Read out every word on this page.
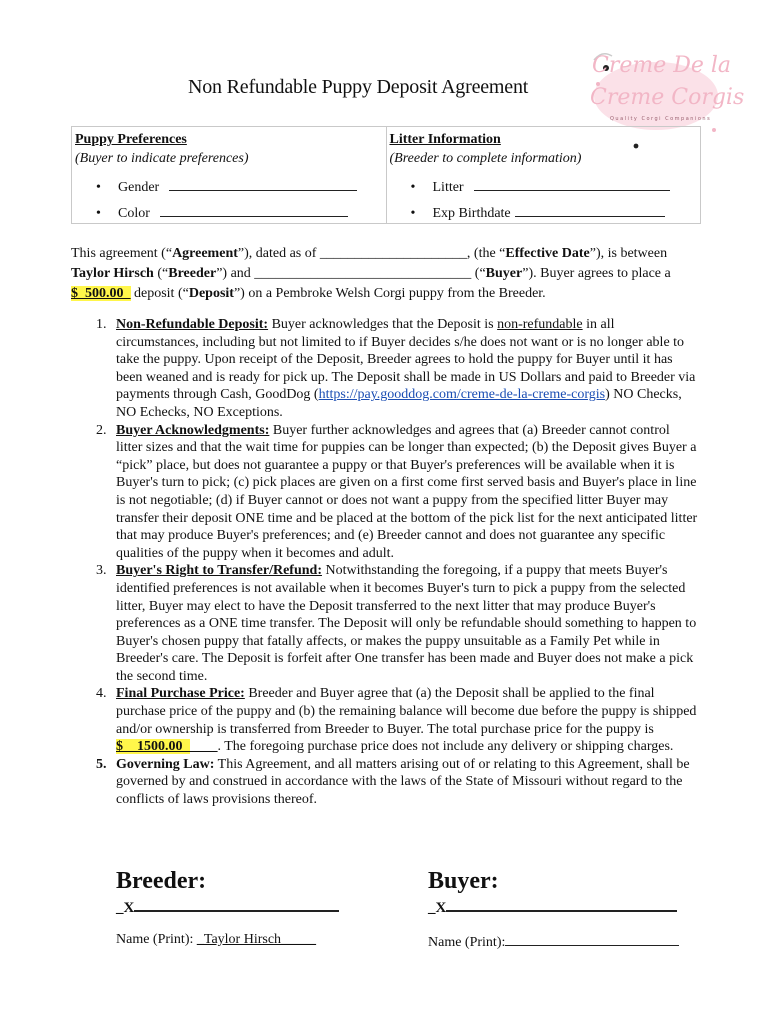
Creme De la
Creme Corgis
Quality Corgi Companions
Non Refundable Puppy Deposit Agreement
Puppy Preferences
(Buyer to indicate preferences)
•	Gender
•	Color
Litter Information
(Breeder to complete information)
•	Litter
•	Exp Birthdate
This agreement (“Agreement”), dated as of _____________________, (the “Effective Date”), is between Taylor Hirsch (“Breeder”) and _______________________________ (“Buyer”). Buyer agrees to place a $_500.00_ deposit (“Deposit”) on a Pembroke Welsh Corgi puppy from the Breeder.
1. Non-Refundable Deposit: Buyer acknowledges that the Deposit is non-refundable in all circumstances, including but not limited to if Buyer decides s/he does not want or is no longer able to take the puppy. Upon receipt of the Deposit, Breeder agrees to hold the puppy for Buyer until it has been weaned and is ready for pick up. The Deposit shall be made in US Dollars and paid to Breeder via payments through Cash, GoodDog (https://pay.gooddog.com/creme-de-la-creme-corgis) NO Checks, NO Echecks, NO Exceptions.
2. Buyer Acknowledgments: Buyer further acknowledges and agrees that (a) Breeder cannot control litter sizes and that the wait time for puppies can be longer than expected; (b) the Deposit gives Buyer a “pick” place, but does not guarantee a puppy or that Buyer's preferences will be available when it is Buyer's turn to pick; (c) pick places are given on a first come first served basis and Buyer's place in line is not negotiable; (d) if Buyer cannot or does not want a puppy from the specified litter Buyer may transfer their deposit ONE time and be placed at the bottom of the pick list for the next anticipated litter that may produce Buyer's preferences; and (e) Breeder cannot and does not guarantee any specific qualities of the puppy when it becomes and adult.
3. Buyer's Right to Transfer/Refund: Notwithstanding the foregoing, if a puppy that meets Buyer's identified preferences is not available when it becomes Buyer's turn to pick a puppy from the selected litter, Buyer may elect to have the Deposit transferred to the next litter that may produce Buyer's preferences as a ONE time transfer. The Deposit will only be refundable should something to happen to Buyer's chosen puppy that fatally affects, or makes the puppy unsuitable as a Family Pet while in Breeder's care. The Deposit is forfeit after One transfer has been made and Buyer does not make a pick the second time.
4. Final Purchase Price: Breeder and Buyer agree that (a) the Deposit shall be applied to the final purchase price of the puppy and (b) the remaining balance will become due before the puppy is shipped and/or ownership is transferred from Breeder to Buyer. The total purchase price for the puppy is $__1500.00_____. The foregoing purchase price does not include any delivery or shipping charges.
5. Governing Law: This Agreement, and all matters arising out of or relating to this Agreement, shall be governed by and construed in accordance with the laws of the State of Missouri without regard to the conflicts of laws provisions thereof.
Breeder:	Buyer:
_X	_X
Name (Print): _Taylor Hirsch_____	Name (Print):
